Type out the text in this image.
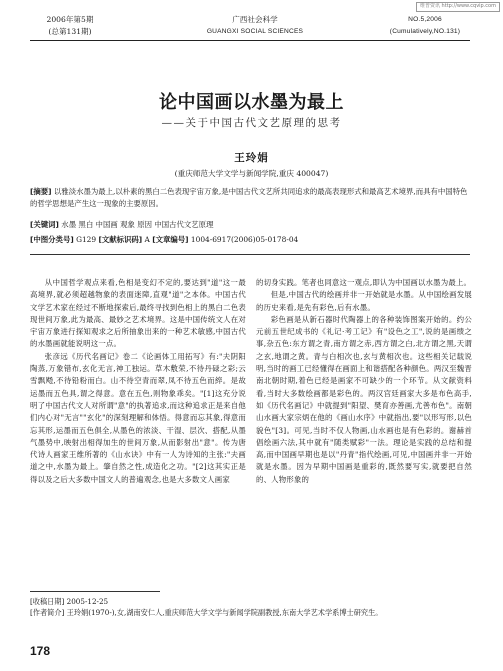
维普资讯 http://www.cqvip.com
2006年第5期
(总第131期)
广西社会科学
GUANGXI SOCIAL SCIENCES
NO.5,2006
(Cumulatively,NO.131)
论中国画以水墨为最上
——关于中国古代文艺原理的思考
王玲娟
(重庆师范大学文学与新闻学院,重庆 400047)
[摘要] 以雅淡水墨为最上,以朴素的黑白二色表现宇宙万象,是中国古代文艺所共同追求的最高表现形式和最高艺术境界,而具有中国特色的哲学思想是产生这一现象的主要原因。
[关键词] 水墨 黑白 中国画 观象 原因 中国古代文艺原理
[中图分类号] G129 [文献标识码] A [文章编号] 1004-6917(2006)05-0178-04

从中国哲学观点来看,色相是变幻不定的,要达到"道"这一最高境界,就必须超越物象的表面迷障,直观"道"之本体。中国古代文学艺术家在经过不断地探索后,最终寻找到色相上的黑白二色表现世间万象,此为最高、最妙之艺术境界。这是中国传统文人在对宇宙万象进行探知观求之后所抽象出来的一种艺术敏感,中国古代的水墨画就能说明这一点。

张彦远《历代名画记》卷二《论画体工用拓写》有:"夫阴阳陶蒸,万象错布,玄化无言,神工独运。草木敷荣,不待丹碌之彩;云雪飘飏,不待铅粉而白。山不待空青而翠,凤不待五色而綷。是故运墨而五色具,谓之得意。意在五色,则物象乖矣。"[1]这充分说明了中国古代文人对所谓"意"的执著追求,而这种追求正是来自他们内心对"无言""玄化"的深刻理解和体悟。得意而忘其象,得意而忘其形,运墨而五色俱全,从墨色的浓淡、干湿、层次、搭配,从墨气墨势中,映射出相得加生的世间万象,从而影射出"意"。传为唐代诗人画家王维所著的《山水诀》中有一人为诗知的主张:"夫画道之中,水墨为最上。肇自然之性,成造化之功。"[2]这其实正是得以及之后大多数中国文人的普遍观念,也是大多数文人画家

的切身实践。笔者也同意这一观点,即认为中国画以水墨为最上。

但是,中国古代的绘画并非一开始就是水墨。从中国绘画发展的历史来看,是先有彩色,后有水墨。

彩色画是从新石器时代陶器上的各种装饰图案开始的。约公元前五世纪成书的《礼记·考工记》有"设色之工",说的是画缋之事,杂五色:东方谓之青,南方谓之赤,西方谓之白,北方谓之黑,天谓之玄,地谓之黄。青与白相次也,玄与黄相次也。这些相关记载说明,当时的画工已经懂得在画面上和谐搭配各种颜色。两汉至魏晋南北朝时期,着色已经是画家不可缺少的一个环节。从文献资料看,当时大多数绘画都是彩色的。两汉宫廷画家大多是布色高手,如《历代名画记》中就提到"阳望、樊育亦善画,尤善布色"。南朝山水画大家宗炳在他的《画山水序》中就指出,要"以形写形,以色貌色"[3]。可见,当时不仅人物画,山水画也是有色彩的。谢赫首倡绘画六法,其中就有"随类赋彩"一法。理论是实践的总结和提高,而中国画早期也是以"丹青"指代绘画,可见,中国画并非一开始就是水墨。因为早期中国画是重彩的,既然要写实,就要把自然的、人物形象的

[收稿日期] 2005-12-25
[作者简介] 王玲娟(1970-),女,湖南安仁人,重庆师范大学文学与新闻学院副教授,东南大学艺术学系博士研究生。
178
